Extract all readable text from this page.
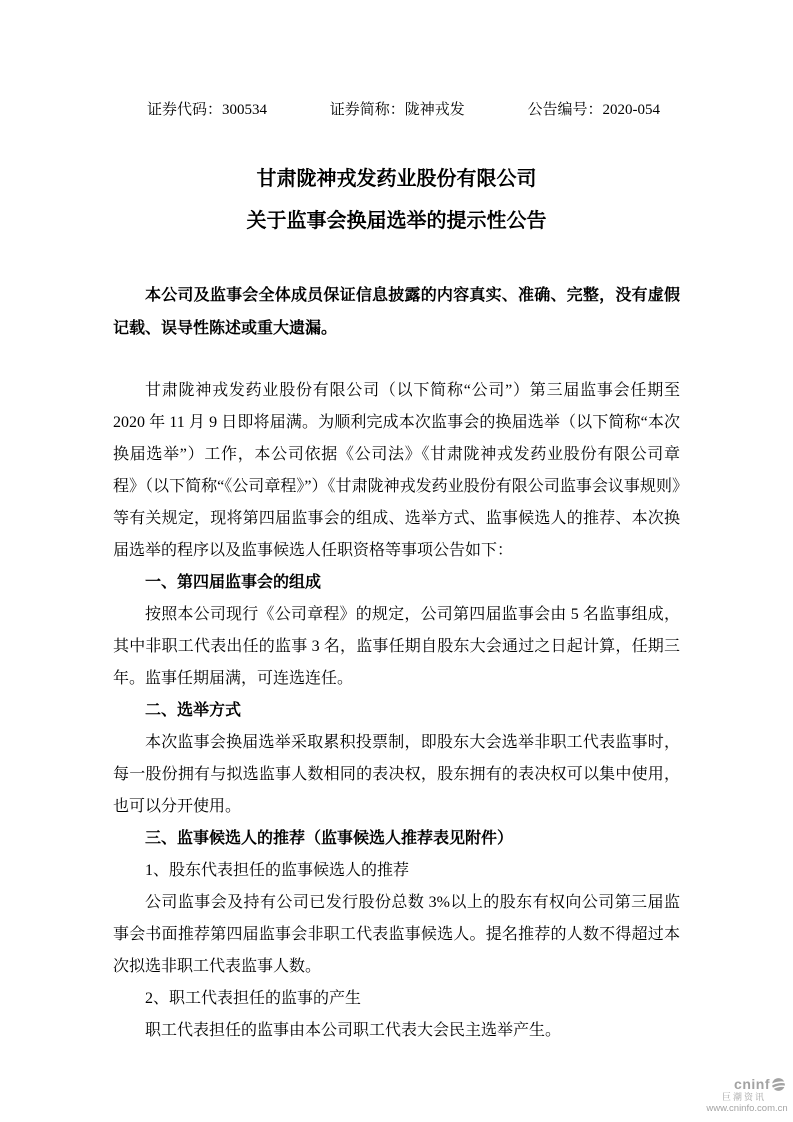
证券代码：300534	证券简称：陇神戎发	公告编号：2020-054
甘肃陇神戎发药业股份有限公司
关于监事会换届选举的提示性公告

本公司及监事会全体成员保证信息披露的内容真实、准确、完整，没有虚假记载、误导性陈述或重大遗漏。

甘肃陇神戎发药业股份有限公司（以下简称“公司”）第三届监事会任期至2020 年 11 月 9 日即将届满。为顺利完成本次监事会的换届选举（以下简称“本次换届选举”）工作，本公司依据《公司法》《甘肃陇神戎发药业股份有限公司章程》（以下简称“《公司章程》”）《甘肃陇神戎发药业股份有限公司监事会议事规则》等有关规定，现将第四届监事会的组成、选举方式、监事候选人的推荐、本次换届选举的程序以及监事候选人任职资格等事项公告如下：

一、第四届监事会的组成

按照本公司现行《公司章程》的规定，公司第四届监事会由 5 名监事组成，其中非职工代表出任的监事 3 名，监事任期自股东大会通过之日起计算，任期三年。监事任期届满，可连选连任。

二、选举方式

本次监事会换届选举采取累积投票制，即股东大会选举非职工代表监事时，每一股份拥有与拟选监事人数相同的表决权，股东拥有的表决权可以集中使用，也可以分开使用。

三、监事候选人的推荐（监事候选人推荐表见附件）

1、股东代表担任的监事候选人的推荐

公司监事会及持有公司已发行股份总数 3%以上的股东有权向公司第三届监事会书面推荐第四届监事会非职工代表监事候选人。提名推荐的人数不得超过本次拟选非职工代表监事人数。

2、职工代表担任的监事的产生

职工代表担任的监事由本公司职工代表大会民主选举产生。

cninf
巨潮资讯
www.cninfo.com.cn
